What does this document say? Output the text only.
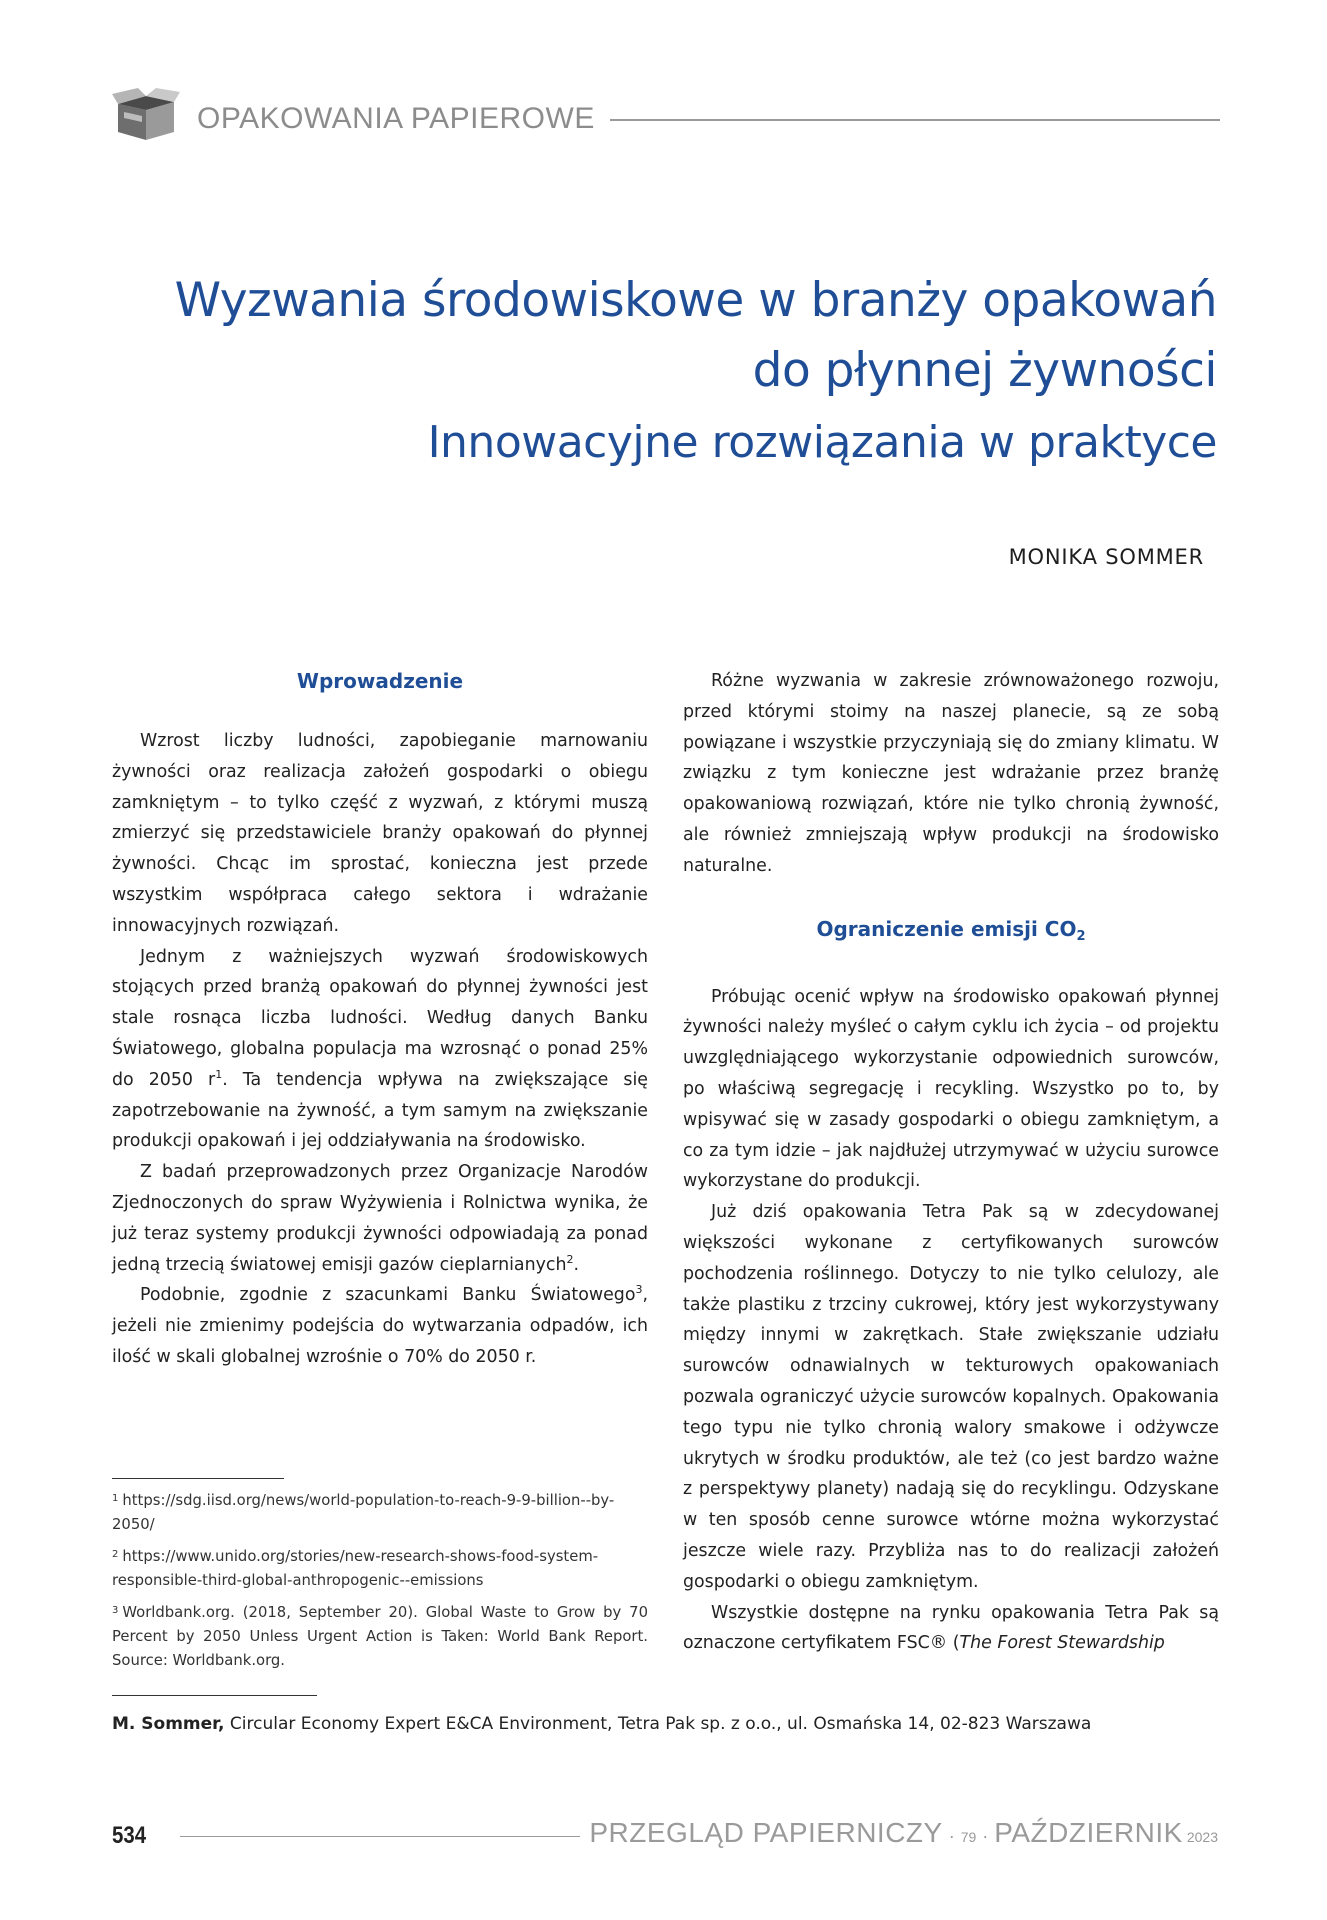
OPAKOWANIA PAPIEROWE
Wyzwania środowiskowe w branży opakowań
do płynnej żywności
Innowacyjne rozwiązania w praktyce
MONIKA SOMMER
Wprowadzenie

Wzrost liczby ludności, zapobieganie marnowaniu żywności oraz realizacja założeń gospodarki o obiegu zamkniętym – to tylko część z wyzwań, z którymi muszą zmierzyć się przedstawiciele branży opakowań do płynnej żywności. Chcąc im sprostać, konieczna jest przede wszystkim współpraca całego sektora i wdrażanie innowacyjnych rozwiązań.

Jednym z ważniejszych wyzwań środowiskowych stojących przed branżą opakowań do płynnej żywności jest stale rosnąca liczba ludności. Według danych Banku Światowego, globalna populacja ma wzrosnąć o ponad 25% do 2050 $r^1$. Ta tendencja wpływa na zwiększające się zapotrzebowanie na żywność, a tym samym na zwiększanie produkcji opakowań i jej oddziaływania na środowisko.

Z badań przeprowadzonych przez Organizacje Narodów Zjednoczonych do spraw Wyżywienia i Rolnictwa wynika, że już teraz systemy produkcji żywności odpowiadają za ponad jedną trzecią światowej emisji gazów cieplarnianych$^2$.

Podobnie, zgodnie z szacunkami Banku Światowego$^3$, jeżeli nie zmienimy podejścia do wytwarzania odpadów, ich ilość w skali globalnej wzrośnie o 70% do 2050 r.

$^1$ https://sdg.iisd.org/news/world-population-to-reach-9-9-billion--by-2050/
$^2$ https://www.unido.org/stories/new-research-shows-food-system-responsible-third-global-anthropogenic--emissions
$^3$ Worldbank.org. (2018, September 20). Global Waste to Grow by 70 Percent by 2050 Unless Urgent Action is Taken: World Bank Report. Source: Worldbank.org.

Różne wyzwania w zakresie zrównoważonego rozwoju, przed którymi stoimy na naszej planecie, są ze sobą powiązane i wszystkie przyczyniają się do zmiany klimatu. W związku z tym konieczne jest wdrażanie przez branżę opakowaniową rozwiązań, które nie tylko chronią żywność, ale również zmniejszają wpływ produkcji na środowisko naturalne.

Ograniczenie emisji $CO_2$

Próbując ocenić wpływ na środowisko opakowań płynnej żywności należy myśleć o całym cyklu ich życia – od projektu uwzględniającego wykorzystanie odpowiednich surowców, po właściwą segregację i recykling. Wszystko po to, by wpisywać się w zasady gospodarki o obiegu zamkniętym, a co za tym idzie – jak najdłużej utrzymywać w użyciu surowce wykorzystane do produkcji.

Już dziś opakowania Tetra Pak są w zdecydowanej większości wykonane z certyfikowanych surowców pochodzenia roślinnego. Dotyczy to nie tylko celulozy, ale także plastiku z trzciny cukrowej, który jest wykorzystywany między innymi w zakrętkach. Stałe zwiększanie udziału surowców odnawialnych w tekturowych opakowaniach pozwala ograniczyć użycie surowców kopalnych. Opakowania tego typu nie tylko chronią walory smakowe i odżywcze ukrytych w środku produktów, ale też (co jest bardzo ważne z perspektywy planety) nadają się do recyklingu. Odzyskane w ten sposób cenne surowce wtórne można wykorzystać jeszcze wiele razy. Przybliża nas to do realizacji założeń gospodarki o obiegu zamkniętym.

Wszystkie dostępne na rynku opakowania Tetra Pak są oznaczone certyfikatem FSC® (The Forest Stewardship

M. Sommer, Circular Economy Expert E&CA Environment, Tetra Pak sp. z o.o., ul. Osmańska 14, 02-823 Warszawa
534	PRZEGLĄD PAPIERNICZY · 79 · PAŹDZIERNIK 2023
